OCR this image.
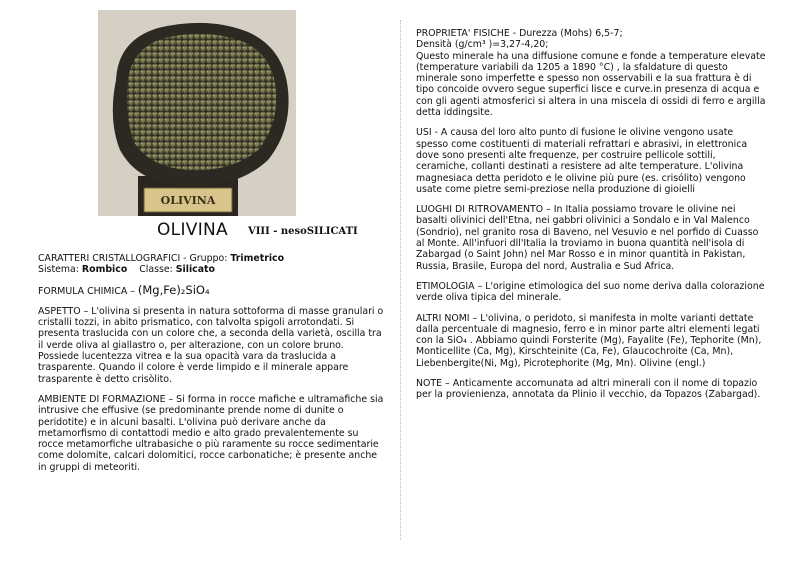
OLIVINA
OLIVINA VIII - nesoSILICATI

CARATTERI CRISTALLOGRAFICI - Gruppo: Trimetrico
Sistema: Rombico Classe: Silicato

FORMULA CHIMICA – (Mg,Fe)₂SiO₄

ASPETTO – L'olivina si presenta in natura sottoforma di masse granulari o cristalli tozzi, in abito prismatico, con talvolta spigoli arrotondati. Si presenta traslucida con un colore che, a seconda della varietà, oscilla tra il verde oliva al giallastro o, per alterazione, con un colore bruno. Possiede lucentezza vitrea e la sua opacità vara da traslucida a trasparente. Quando il colore è verde limpido e il minerale appare trasparente è detto crisòlito.

AMBIENTE DI FORMAZIONE – Si forma in rocce mafiche e ultramafiche sia intrusive che effusive (se predominante prende nome di dunite o peridotite) e in alcuni basalti. L'olivina può derivare anche da metamorfismo di contattodi medio e alto grado prevalentemente su rocce metamorfiche ultrabasiche o più raramente su rocce sedimentarie come dolomite, calcari dolomitici, rocce carbonatiche; è presente anche in gruppi di meteoriti.

PROPRIETA' FISICHE - Durezza (Mohs) 6,5-7;
Densità (g/cm³ )=3,27-4,20;
Questo minerale ha una diffusione comune e fonde a temperature elevate (temperature variabili da 1205 a 1890 °C) , la sfaldature di questo minerale sono imperfette e spesso non osservabili e la sua frattura è di tipo concoide ovvero segue superfici lisce e curve.in presenza di acqua e con gli agenti atmosferici si altera in una miscela di ossidi di ferro e argilla detta iddingsite.

USI - A causa del loro alto punto di fusione le olivine vengono usate spesso come costituenti di materiali refrattari e abrasivi, in elettronica dove sono presenti alte frequenze, per costruire pellicole sottili, ceramiche, collanti destinati a resistere ad alte temperature. L'olivina magnesiaca detta peridoto e le olivine più pure (es. crisólito) vengono usate come pietre semi-preziose nella produzione di gioielli

LUOGHI DI RITROVAMENTO – In Italia possiamo trovare le olivine nei basalti olivinici dell'Etna, nei gabbri olivinici a Sondalo e in Val Malenco (Sondrio), nel granito rosa di Baveno, nel Vesuvio e nel porfido di Cuasso al Monte. All'infuori dll'Italia la troviamo in buona quantità nell'isola di Zabargad (o Saint John) nel Mar Rosso e in minor quantità in Pakistan, Russia, Brasile, Europa del nord, Australia e Sud Africa.

ETIMOLOGIA – L'origine etimologica del suo nome deriva dalla colorazione verde oliva tipica del minerale.

ALTRI NOMI – L'olivina, o peridoto, si manifesta in molte varianti dettate dalla percentuale di magnesio, ferro e in minor parte altri elementi legati con la SiO₄ . Abbiamo quindi Forsterite (Mg), Fayalite (Fe), Tephorite (Mn), Monticellite (Ca, Mg), Kirschteinite (Ca, Fe), Glaucochroite (Ca, Mn), Liebenbergite(Ni, Mg), Picrotephorite (Mg, Mn). Olivine (engl.)

NOTE – Anticamente accomunata ad altri minerali con il nome di topazio per la provienienza, annotata da Plinio il vecchio, da Topazos (Zabargad).
